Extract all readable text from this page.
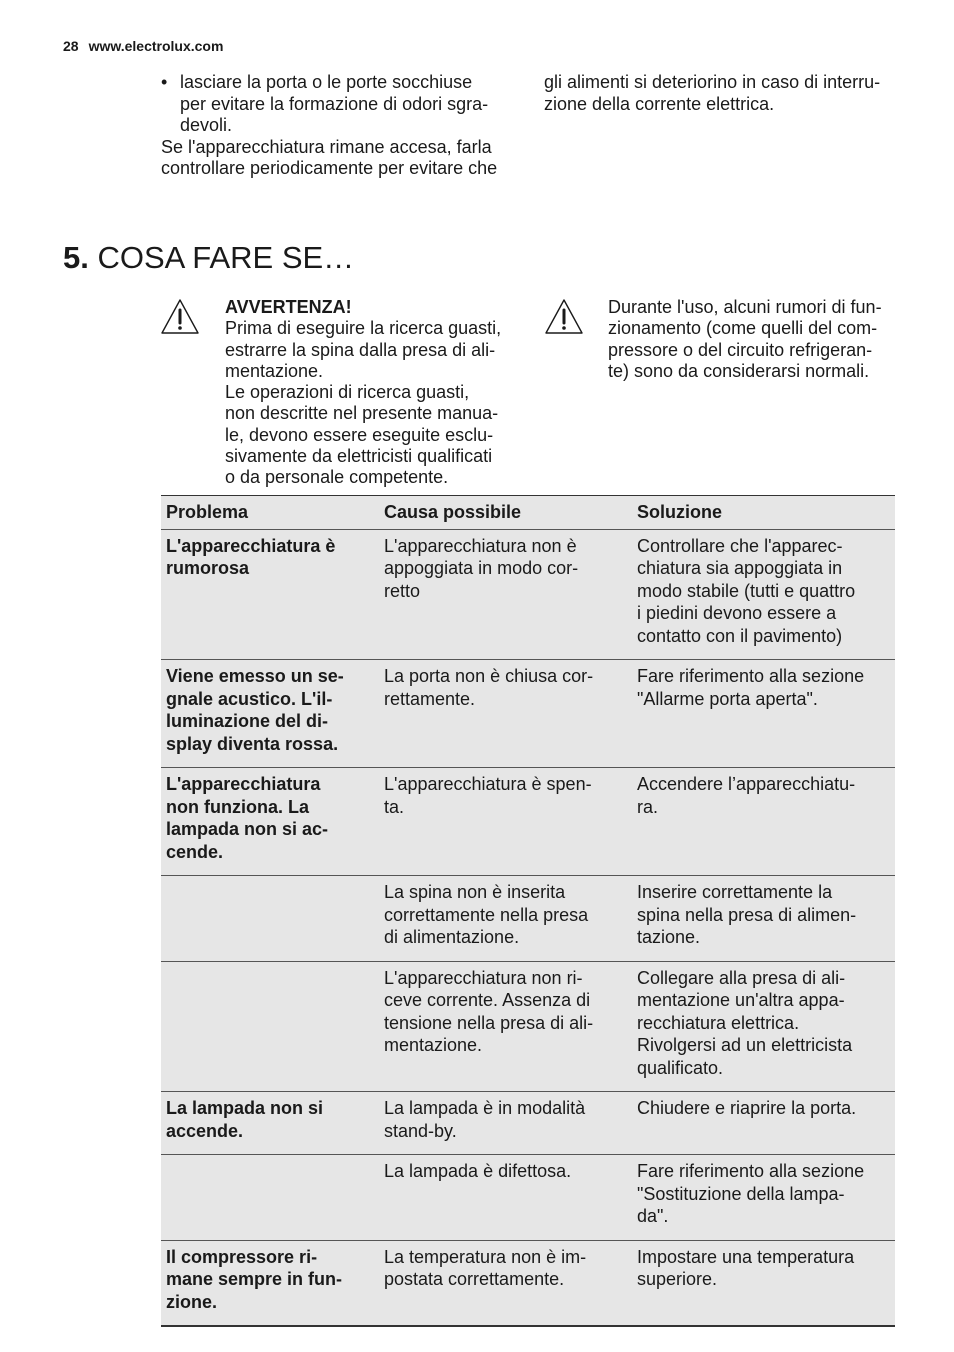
28 www.electrolux.com
• lasciare la porta o le porte socchiuse
per evitare la formazione di odori sgra-
devoli.
Se l'apparecchiatura rimane accesa, farla
controllare periodicamente per evitare che
gli alimenti si deteriorino in caso di interru-
zione della corrente elettrica.
5. COSA FARE SE…
AVVERTENZA!
Prima di eseguire la ricerca guasti,
estrarre la spina dalla presa di ali-
mentazione.
Le operazioni di ricerca guasti,
non descritte nel presente manua-
le, devono essere eseguite esclu-
sivamente da elettricisti qualificati
o da personale competente.
Durante l'uso, alcuni rumori di fun-
zionamento (come quelli del com-
pressore o del circuito refrigeran-
te) sono da considerarsi normali.
Problema	Causa possibile	Soluzione

L'apparecchiatura è
rumorosa	L'apparecchiatura non è
appoggiata in modo cor-
retto	Controllare che l'apparec-
chiatura sia appoggiata in
modo stabile (tutti e quattro
i piedini devono essere a
contatto con il pavimento)

Viene emesso un se-
gnale acustico. L'il-
luminazione del di-
splay diventa rossa.	La porta non è chiusa cor-
rettamente.	Fare riferimento alla sezione
"Allarme porta aperta".

L'apparecchiatura
non funziona. La
lampada non si ac-
cende.	L'apparecchiatura è spen-
ta.	Accendere l’apparecchiatu-
ra.

	La spina non è inserita
correttamente nella presa
di alimentazione.	Inserire correttamente la
spina nella presa di alimen-
tazione.

	L'apparecchiatura non ri-
ceve corrente. Assenza di
tensione nella presa di ali-
mentazione.	Collegare alla presa di ali-
mentazione un'altra appa-
recchiatura elettrica.
Rivolgersi ad un elettricista
qualificato.

La lampada non si
accende.	La lampada è in modalità
stand-by.	Chiudere e riaprire la porta.

	La lampada è difettosa.	Fare riferimento alla sezione
"Sostituzione della lampa-
da".

Il compressore ri-
mane sempre in fun-
zione.	La temperatura non è im-
postata correttamente.	Impostare una temperatura
superiore.
